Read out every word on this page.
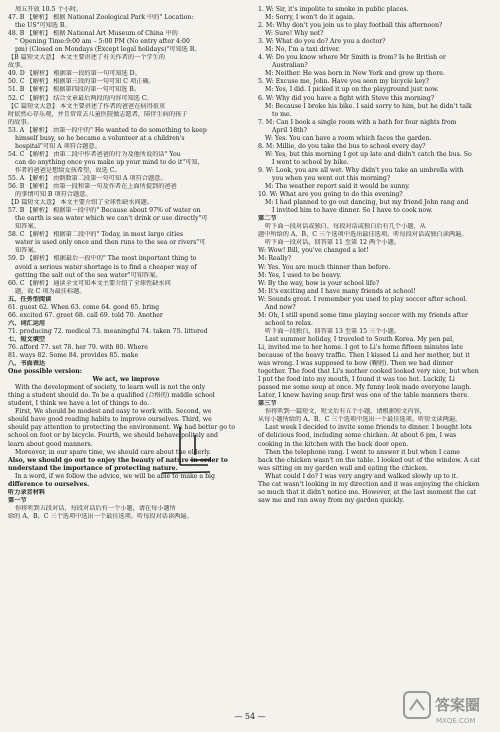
周五开放 10.5 个小时。
47. B 【解析】 根据 National Zoological Park 中的" Location:
the US"可知选 B。
48. B 【解析】 根据 National Art Museum of China 中的
" Opening Time:9:00 am – 5:00 PM (No entry after 4:00
pm) (Closed on Mondays (Except legal holidays)"可知选 B。
【B 篇短文大意】 本文主要讲述了有关作者的一个学生的
故事。
49. D 【解析】 根据第一段的第一句可知选 D。
50. C 【解析】 根据第三段的第一句可知 C 项正确。
51. B 【解析】 根据第四段的第一句可知选 B。
52. C 【解析】 结合文章最后两段的内容可知选 C。
【C 篇短文大意】 本文主要讲述了作者的爸爸在病得很重
时依然心存乐观，并且常常去儿童医院做志愿者，陪伴生病的孩子
的故事。
53. A 【解析】 由第一段中的" He wanted to do something to keep
himself busy, so he became a volunteer at a children's
hospital"可知 A 项符合题意。
54. C 【解析】 由第二段中作者爸爸的行为及他所说的话" You
can do anything once you make up your mind to do it"可知，
作者的爸爸是想给女孩希望，故选 C。
55. A 【解析】 由倒数第二段第一句可知 A 项符合题意。
56. B 【解析】 由第一段和第一句及作者在上面所提到的爸爸
的事情可知 B 项符合题意。
【D 篇短文大意】 本文主要介绍了全球性缺水问题。
57. B 【解析】 根据第一段中的" Because about 97% of water on
the earth is sea water which we can't drink or use directly"可
知答案。
58. C 【解析】 根据第二段中的" Today, in most large cities
water is used only once and then runs to the sea or rivers"可
知答案。
59. D 【解析】 根据最后一段中的" The most important thing to
avoid a serious water shortage is to find a cheaper way of
getting the salt out of the sea water"可知答案。
60. C 【解析】 通读全文可知本文主要介绍了全球性缺水问
题，故 C 项为最佳标题。
五、任务型阅读
61. guest 62. When 63. come 64. good 65. bring
66. excited 67. greet 68. call 69. told 70. Another
六、词汇运用
71. producing 72. medical 73. meaningful 74. taken 75. littered
七、短文填空
76. afford 77. set 78. her 79. with 80. Where
81. ways 82. Some 84. provides 85. make
八、书面表达
One possible version:
We act, we improve
With the development of society, to learn well is not the only
thing a student should do. To be a qualified (合格的) middle school
student, I think we have a lot of things to do.
First, We should be modest and easy to work with. Second, we
should have good reading habits to improve ourselves. Third, we
should pay attention to protecting the environment. We had better go to
school on foot or by bicycle. Fourth, we should behave politely and
learn about good manners.
Moreover, in our spare time, we should care about the elderly.
Also, we should go out to enjoy the beauty of nature in order to
understand the importance of protecting nature.
In a word, if we follow the advice, we will be able to make a big
difference to ourselves.
听力录音材料
第一节
你将听到五段对话，每段对话后有一个小题，请在每小题所
给的 A、B、C 三个选项中选出一个最佳选项。听每段对话读两遍。
1. W: Sir, it's impolite to smoke in public places.
M: Sorry, I won't do it again.
2. M: Why don't you join us to play football this afternoon?
W: Sure! Why not?
3. W: What do you do? Are you a doctor?
M: No, I'm a taxi driver.
4. W: Do you know where Mr Smith is from? Is he British or
Australian?
M: Neither. He was born in New York and grew up there.
5. W: Excuse me, John. Have you seen my bicycle key?
M: Yes, I did. I picked it up on the playground just now.
6. W: Why did you have a fight with Steve this morning?
M: Because I broke his bike. I said sorry to him, but he didn't talk
to me.
7. M: Can I book a single room with a bath for four nights from
April 18th?
W: Yes. You can have a room which faces the garden.
8. M: Millie, do you take the bus to school every day?
W: Yes, but this morning I got up late and didn't catch the bus. So
I went to school by bike.
9. W: Look, you are all wet. Why didn't you take an umbrella with
you when you went out this morning?
M: The weather report said it would be sunny.
10. W: What are you going to do this evening?
M: I had planned to go out dancing, but my friend John rang and
I invited him to have dinner. So I have to cook now.
第二节
听下面一段对话或独白，每段对话或独白后有几个小题，从
题中所给的 A、B、C 三个选项中选出最佳选项。听每段对话或独白读两遍。
听下面一段对话，回答第 11 至第 12 两个小题。
W: Wow! Bill, you've changed a lot!
M: Really?
W: Yes. You are much thinner than before.
M: Yes, I used to be heavy.
W: By the way, how is your school life?
M: It's exciting and I have many friends at school!
W: Sounds great. I remember you used to play soccer after school.
And now?
M: Oh, I still spend some time playing soccer with my friends after
school to relax.
听下面一段独白，回答第 13 至第 15 三个小题。
Last summer holiday, I traveled to South Korea. My pen pal,
Li, invited me to her home. I got to Li's home fifteen minutes late
because of the heavy traffic. Then I kissed Li and her mother, but it
was wrong. I was supposed to bow (鞠躬). Then we had dinner
together. The food that Li's mother cooked looked very nice, but when
I put the food into my mouth, I found it was too hot. Luckily, Li
passed me some soup at once. My funny look made everyone laugh.
Later, I knew having soup first was one of the table manners there.
第三节
你将听到一篇短文，短文后有五个小题，请根据短文内容，
从每小题所给的 A、B、C 三个选项中选出一个最佳选项。听短文读两遍。
Last week I decided to invite some friends to dinner. I bought lots
of delicious food, including some chicken. At about 6 pm, I was
cooking in the kitchen with the back door open.
Then the telephone rang. I went to answer it but when I came
back the chicken wasn't on the table. I looked out of the window. A cat
was sitting on my garden wall and eating the chicken.
What could I do? I was very angry and walked slowly up to it.
The cat wasn't looking in my direction and it was enjoying the chicken
so much that it didn't notice me. However, at the last moment the cat
saw me and ran away from my garden quickly.
— 54 —
答案圈
MXQE.COM
